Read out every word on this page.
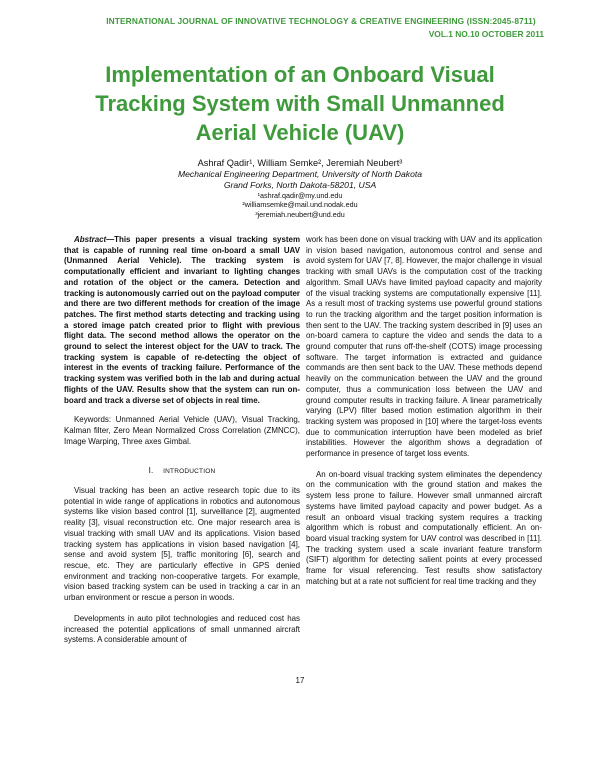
INTERNATIONAL JOURNAL OF INNOVATIVE TECHNOLOGY & CREATIVE ENGINEERING (ISSN:2045-8711)
VOL.1 NO.10 OCTOBER 2011
Implementation of an Onboard Visual
Tracking System with Small Unmanned
Aerial Vehicle (UAV)
Ashraf Qadir¹, William Semke², Jeremiah Neubert³
Mechanical Engineering Department, University of North Dakota
Grand Forks, North Dakota-58201, USA
¹ashraf.qadir@my.und.edu
²williamsemke@mail.und.nodak.edu
³jeremiah.neubert@und.edu

Abstract—This paper presents a visual tracking system that is capable of running real time on-board a small UAV (Unmanned Aerial Vehicle). The tracking system is computationally efficient and invariant to lighting changes and rotation of the object or the camera. Detection and tracking is autonomously carried out on the payload computer and there are two different methods for creation of the image patches. The first method starts detecting and tracking using a stored image patch created prior to flight with previous flight data. The second method allows the operator on the ground to select the interest object for the UAV to track. The tracking system is capable of re-detecting the object of interest in the events of tracking failure. Performance of the tracking system was verified both in the lab and during actual flights of the UAV. Results show that the system can run on-board and track a diverse set of objects in real time.

Keywords: Unmanned Aerial Vehicle (UAV), Visual Tracking, Kalman filter, Zero Mean Normalized Cross Correlation (ZMNCC), Image Warping, Three axes Gimbal.

I. INTRODUCTION

Visual tracking has been an active research topic due to its potential in wide range of applications in robotics and autonomous systems like vision based control [1], surveillance [2], augmented reality [3], visual reconstruction etc. One major research area is visual tracking with small UAV and its applications. Vision based tracking system has applications in vision based navigation [4], sense and avoid system [5], traffic monitoring [6], search and rescue, etc. They are particularly effective in GPS denied environment and tracking non-cooperative targets. For example, vision based tracking system can be used in tracking a car in an urban environment or rescue a person in woods.

Developments in auto pilot technologies and reduced cost has increased the potential applications of small unmanned aircraft systems. A considerable amount of

work has been done on visual tracking with UAV and its application in vision based navigation, autonomous control and sense and avoid system for UAV [7, 8]. However, the major challenge in visual tracking with small UAVs is the computation cost of the tracking algorithm. Small UAVs have limited payload capacity and majority of the visual tracking systems are computationally expensive [11]. As a result most of tracking systems use powerful ground stations to run the tracking algorithm and the target position information is then sent to the UAV. The tracking system described in [9] uses an on-board camera to capture the video and sends the data to a ground computer that runs off-the-shelf (COTS) image processing software. The target information is extracted and guidance commands are then sent back to the UAV. These methods depend heavily on the communication between the UAV and the ground computer, thus a communication loss between the UAV and ground computer results in tracking failure. A linear parametrically varying (LPV) filter based motion estimation algorithm in their tracking system was proposed in [10] where the target-loss events due to communication interruption have been modeled as brief instabilities. However the algorithm shows a degradation of performance in presence of target loss events.

An on-board visual tracking system eliminates the dependency on the communication with the ground station and makes the system less prone to failure. However small unmanned aircraft systems have limited payload capacity and power budget. As a result an onboard visual tracking system requires a tracking algorithm which is robust and computationally efficient. An on-board visual tracking system for UAV control was described in [11]. The tracking system used a scale invariant feature transform (SIFT) algorithm for detecting salient points at every processed frame for visual referencing. Test results show satisfactory matching but at a rate not sufficient for real time tracking and they

17
